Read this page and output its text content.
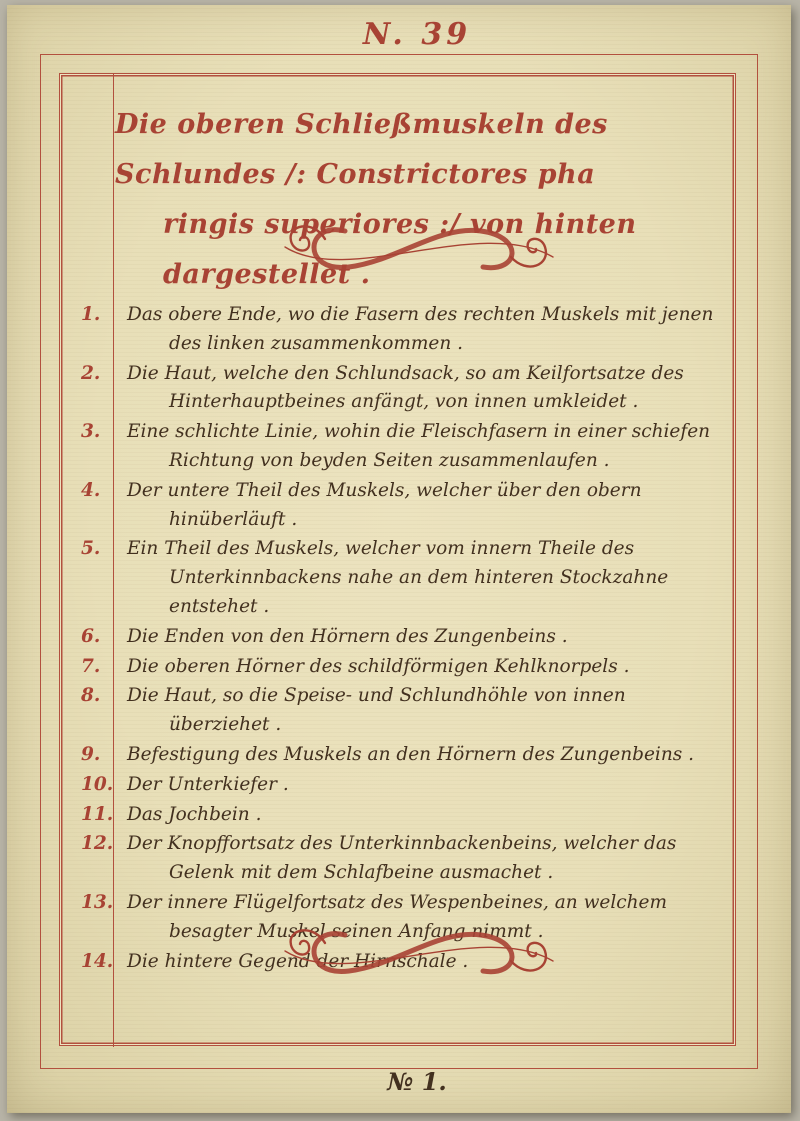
N. 39
Die oberen Schließmuskeln des Schlundes /: Constrictores pha
ringis superiores :/ von hinten dargestellet .
1.	Das obere Ende, wo die Fasern des rechten Muskels mit jenen des linken zusammenkommen .
2.	Die Haut, welche den Schlundsack, so am Keilfortsatze des Hinterhauptbeines anfängt, von innen umkleidet .
3.	Eine schlichte Linie, wohin die Fleischfasern in einer schiefen Richtung von beyden Seiten zusammenlaufen .
4.	Der untere Theil des Muskels, welcher über den obern hinüberläuft .
5.	Ein Theil des Muskels, welcher vom innern Theile des Unterkinnbackens nahe an dem hinteren Stockzahne entstehet .
6.	Die Enden von den Hörnern des Zungenbeins .
7.	Die oberen Hörner des schildförmigen Kehlknorpels .
8.	Die Haut, so die Speise- und Schlundhöhle von innen überziehet .
9.	Befestigung des Muskels an den Hörnern des Zungenbeins .
10. Der Unterkiefer .
11. Das Jochbein .
12. Der Knopffortsatz des Unterkinnbackenbeins, welcher das Gelenk mit dem Schlafbeine ausmachet .
13. Der innere Flügelfortsatz des Wespenbeines, an welchem besagter Muskel seinen Anfang nimmt .
14. Die hintere Gegend der Hirnschale .
№ 1.
